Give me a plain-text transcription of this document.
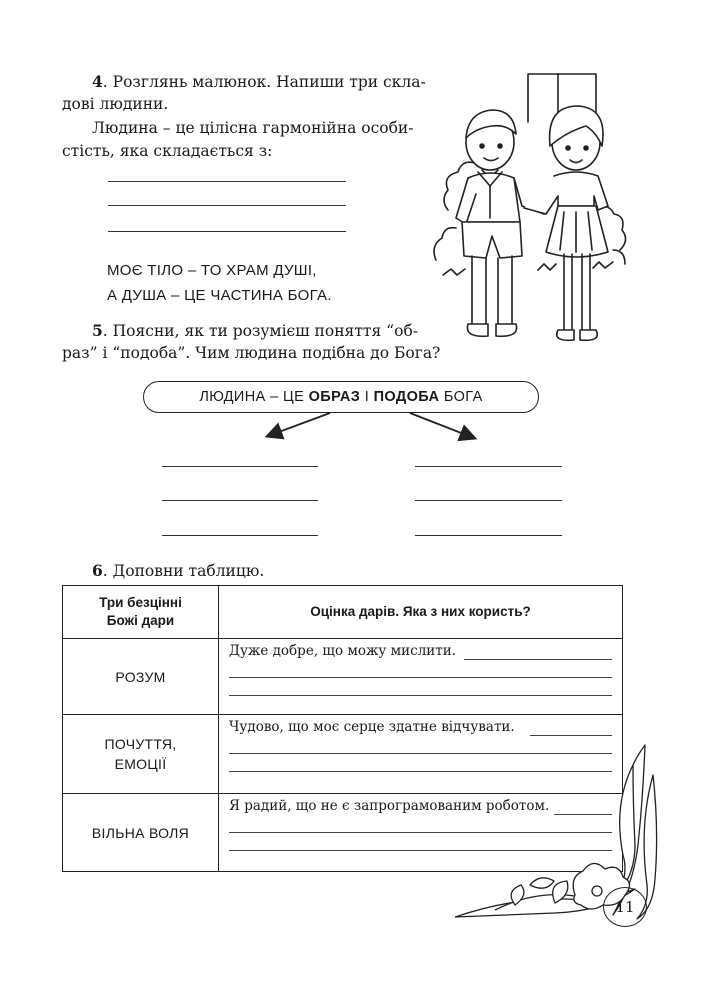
4. Розглянь малюнок. Напиши три скла-
дові людини.
Людина – це цілісна гармонійна особи-
стість, яка складається з:
МОЄ ТІЛО – ТО ХРАМ ДУШІ,
А ДУША – ЦЕ ЧАСТИНА БОГА.
5. Поясни, як ти розумієш поняття “об-
раз” і “подоба”. Чим людина подібна до Бога?
ЛЮДИНА – ЦЕ ОБРАЗ І ПОДОБА БОГА
6. Доповни таблицю.
Три безцінні
Божі дари	Оцінка дарів. Яка з них користь?
РОЗУМ	Дуже добре, що можу мислити.

ПОЧУТТЯ,
ЕМОЦІЇ	Чудово, що моє серце здатне відчувати.

ВІЛЬНА ВОЛЯ	Я радий, що не є запрограмованим роботом.
11
